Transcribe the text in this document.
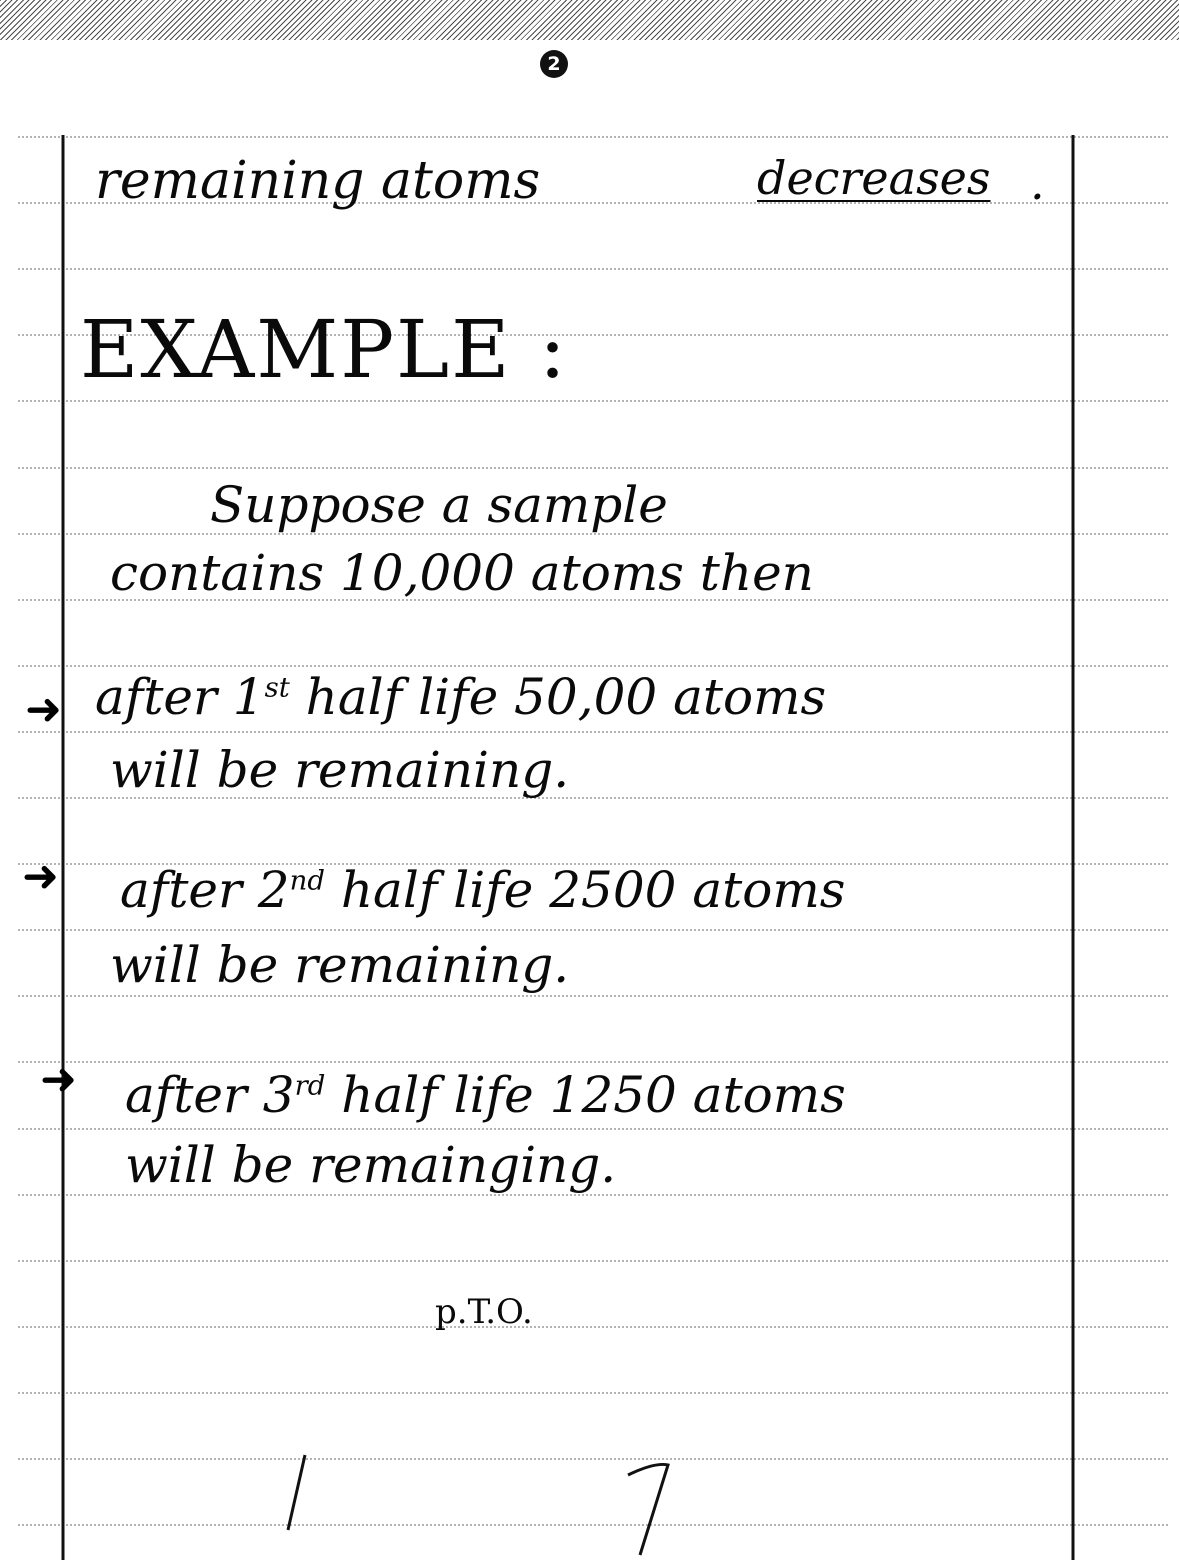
2
remaining atoms	decreases .
EXAMPLE :
Suppose a sample
contains 10,000 atoms then
➜ after 1st half life 50,00 atoms
will be remaining.
➜ after 2nd half life 2500 atoms
will be remaining.
➜ after 3rd half life 1250 atoms
will be remainging.
p.T.O.
